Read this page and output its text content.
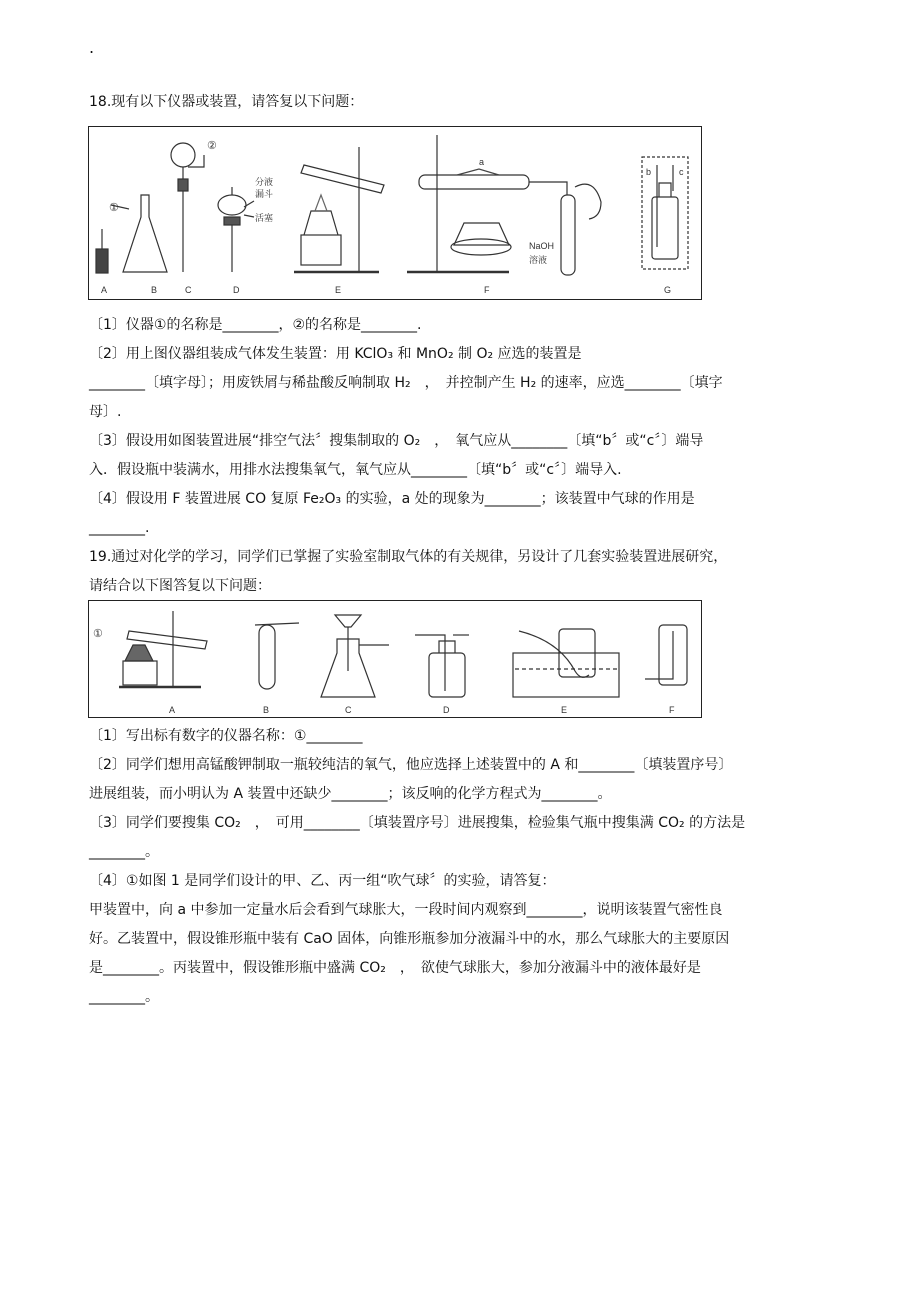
.
18.现有以下仪器或装置，请答复以下问题：
A	B	C	D	E	F	G
①
②
分液
漏斗
活塞
a
NaOH
溶液
b	c
〔1〕仪器①的名称是________，②的名称是________.
〔2〕用上图仪器组装成气体发生装置：用 KClO₃ 和 MnO₂ 制 O₂ 应选的装置是
________〔填字母〕；用废铁屑与稀盐酸反响制取 H₂　，　并控制产生 H₂ 的速率，应选________〔填字
母〕.
〔3〕假设用如图装置进展“排空气法〞搜集制取的 O₂　，　氧气应从________〔填“b〞或“c〞〕端导
入．假设瓶中装满水，用排水法搜集氧气，氧气应从________〔填“b〞或“c〞〕端导入.
〔4〕假设用 F 装置进展 CO 复原 Fe₂O₃ 的实验，a 处的现象为________；该装置中气球的作用是
________.
19.通过对化学的学习，同学们已掌握了实验室制取气体的有关规律，另设计了几套实验装置进展研究，
请结合以下图答复以下问题：
A	B	C	D	E	F
①
〔1〕写出标有数字的仪器名称：①________
〔2〕同学们想用高锰酸钾制取一瓶较纯洁的氧气，他应选择上述装置中的 A 和________〔填装置序号〕
进展组装，而小明认为 A 装置中还缺少________；该反响的化学方程式为________。
〔3〕同学们要搜集 CO₂　，　可用________〔填装置序号〕进展搜集，检验集气瓶中搜集满 CO₂ 的方法是
________。
〔4〕①如图 1 是同学们设计的甲、乙、丙一组“吹气球〞的实验，请答复：
甲装置中，向 a 中参加一定量水后会看到气球胀大，一段时间内观察到________，说明该装置气密性良
好。乙装置中，假设锥形瓶中装有 CaO 固体，向锥形瓶参加分液漏斗中的水，那么气球胀大的主要原因
是________。丙装置中，假设锥形瓶中盛满 CO₂　，　欲使气球胀大，参加分液漏斗中的液体最好是
________。
